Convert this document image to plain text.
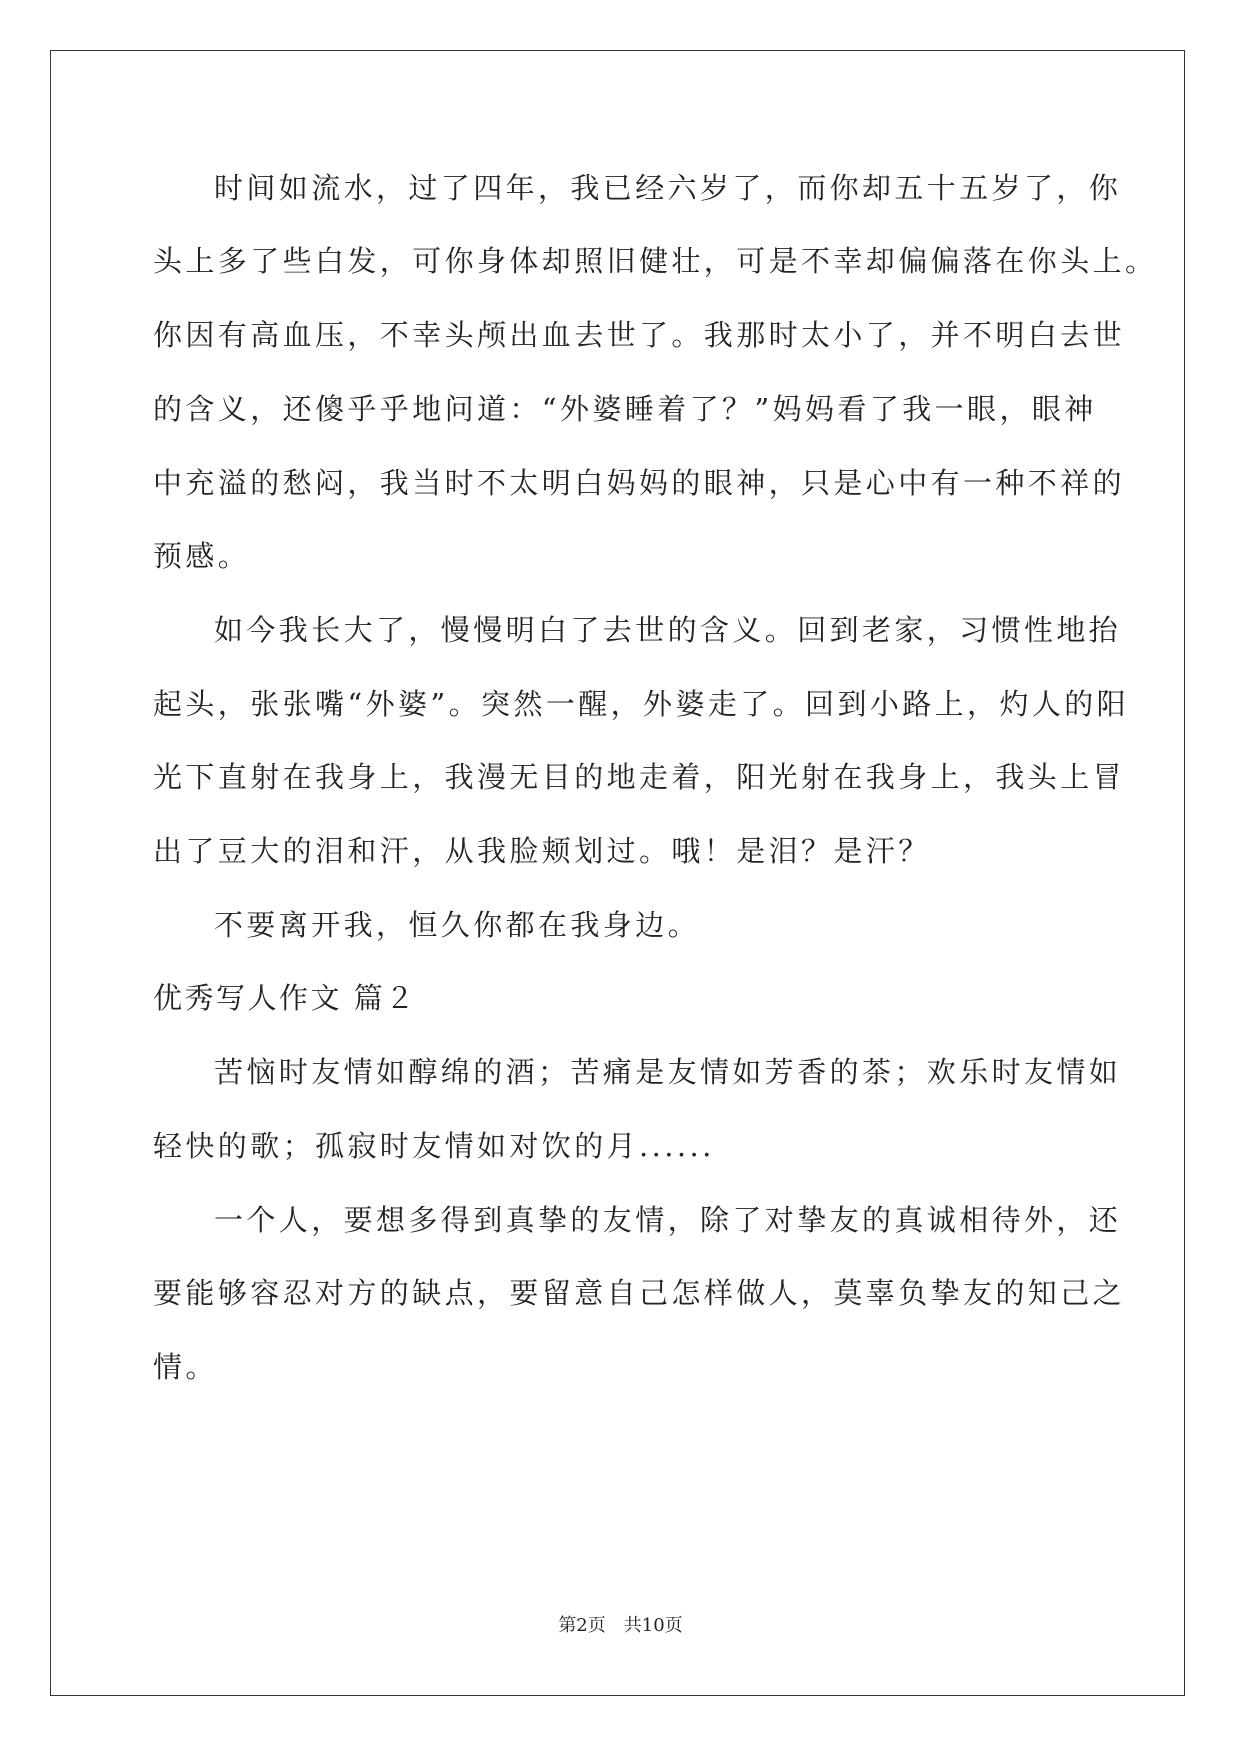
时间如流水，过了四年，我已经六岁了，而你却五十五岁了，你
头上多了些白发，可你身体却照旧健壮，可是不幸却偏偏落在你头上。
你因有高血压，不幸头颅出血去世了。我那时太小了，并不明白去世
的含义，还傻乎乎地问道：“外婆睡着了？”妈妈看了我一眼，眼神
中充溢的愁闷，我当时不太明白妈妈的眼神，只是心中有一种不祥的
预感。
如今我长大了，慢慢明白了去世的含义。回到老家，习惯性地抬
起头，张张嘴“外婆”。突然一醒，外婆走了。回到小路上，灼人的阳
光下直射在我身上，我漫无目的地走着，阳光射在我身上，我头上冒
出了豆大的泪和汗，从我脸颊划过。哦！是泪？是汗？
不要离开我，恒久你都在我身边。
优秀写人作文 篇２
苦恼时友情如醇绵的酒；苦痛是友情如芳香的茶；欢乐时友情如
轻快的歌；孤寂时友情如对饮的月......
一个人，要想多得到真挚的友情，除了对挚友的真诚相待外，还
要能够容忍对方的缺点，要留意自己怎样做人，莫辜负挚友的知己之
情。
第2页 共10页
